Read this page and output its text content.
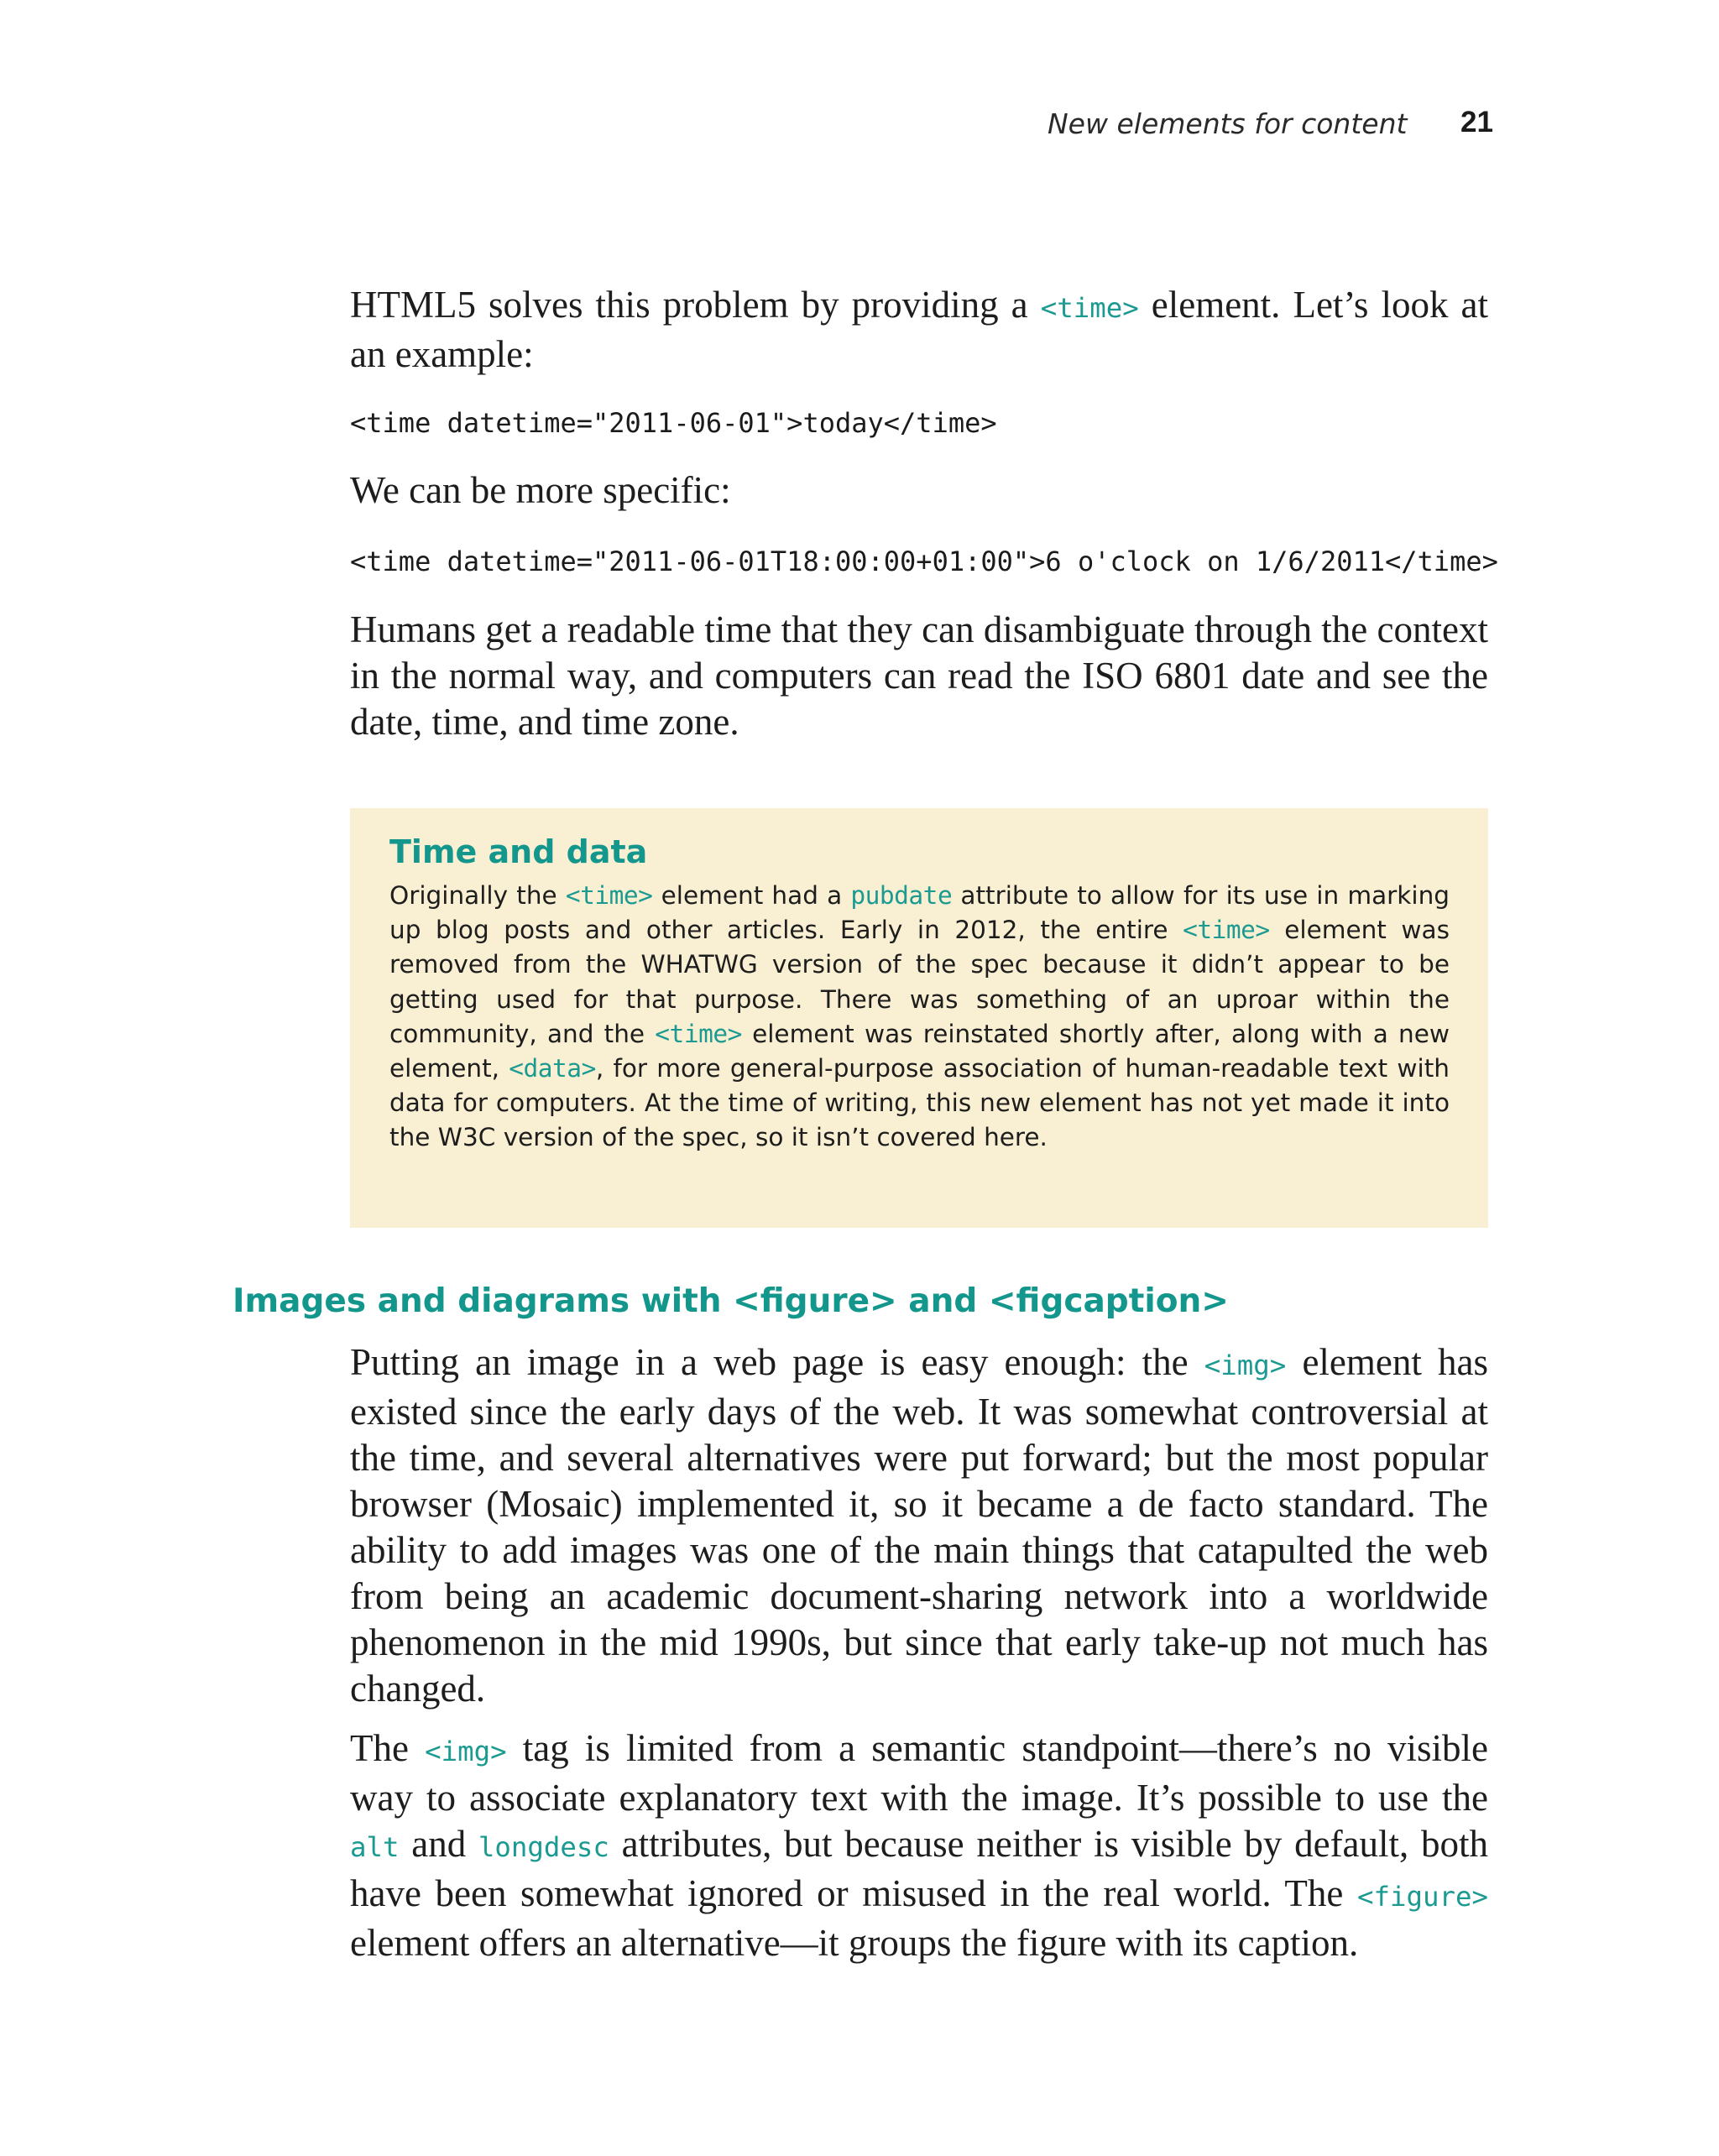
New elements for content 21

HTML5 solves this problem by providing a <time> element. Let’s look at an example:

<time datetime="2011-06-01">today</time>

We can be more specific:

<time datetime="2011-06-01T18:00:00+01:00">6 o'clock on 1/6/2011</time>

Humans get a readable time that they can disambiguate through the context in the normal way, and computers can read the ISO 6801 date and see the date, time, and time zone.

Time and data

Originally the <time> element had a pubdate attribute to allow for its use in marking up blog posts and other articles. Early in 2012, the entire <time> element was removed from the WHATWG version of the spec because it didn’t appear to be getting used for that purpose. There was something of an uproar within the community, and the <time> element was reinstated shortly after, along with a new element, <data>, for more general-purpose association of human-readable text with data for computers. At the time of writing, this new element has not yet made it into the W3C version of the spec, so it isn’t covered here.

Images and diagrams with <figure> and <figcaption>

Putting an image in a web page is easy enough: the <img> element has existed since the early days of the web. It was somewhat controversial at the time, and several alternatives were put forward; but the most popular browser (Mosaic) implemented it, so it became a de facto standard. The ability to add images was one of the main things that catapulted the web from being an academic document-sharing network into a worldwide phenomenon in the mid 1990s, but since that early take-up not much has changed.

The <img> tag is limited from a semantic standpoint—there’s no visible way to associate explanatory text with the image. It’s possible to use the alt and longdesc attributes, but because neither is visible by default, both have been somewhat ignored or misused in the real world. The <figure> element offers an alternative—it groups the figure with its caption.
